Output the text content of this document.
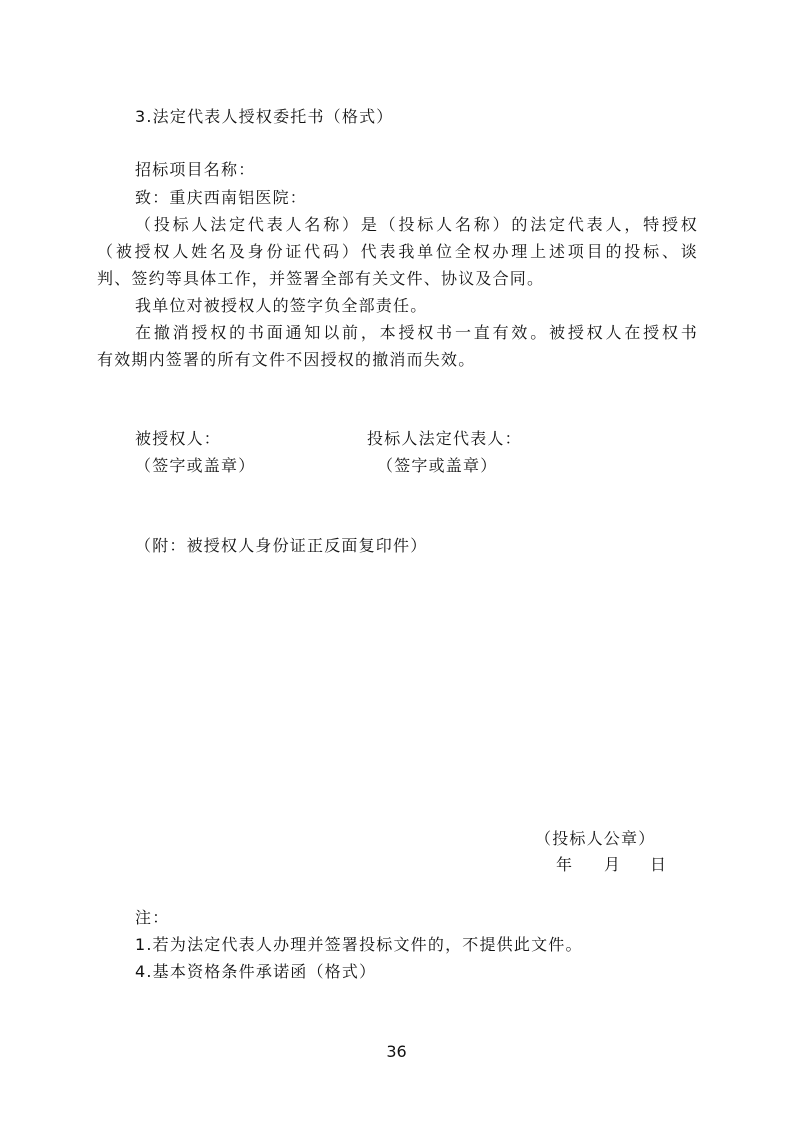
3.法定代表人授权委托书（格式）
招标项目名称：
致：重庆西南铝医院：
（投标人法定代表人名称）是（投标人名称）的法定代表人，特授权
（被授权人姓名及身份证代码）代表我单位全权办理上述项目的投标、谈
判、签约等具体工作，并签署全部有关文件、协议及合同。
我单位对被授权人的签字负全部责任。
在撤消授权的书面通知以前，本授权书一直有效。被授权人在授权书
有效期内签署的所有文件不因授权的撤消而失效。
被授权人：	投标人法定代表人：
（签字或盖章）	（签字或盖章）
（附：被授权人身份证正反面复印件）
（投标人公章）
年 月 日
注：
1.若为法定代表人办理并签署投标文件的，不提供此文件。
4.基本资格条件承诺函（格式）
36
